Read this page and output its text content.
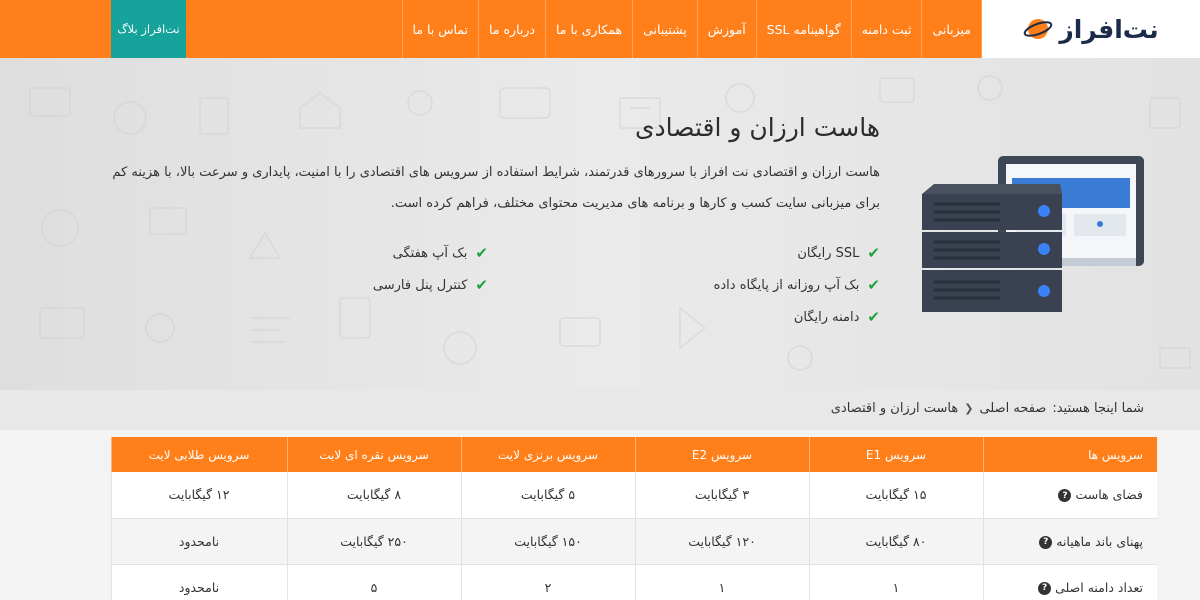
نت‌افراز
میزبانی
ثبت دامنه
گواهینامه SSL
آموزش
پشتیبانی
همکاری با ما
درباره ما
تماس با ما
نت‌افراز بلاگ
هاست ارزان و اقتصادی

هاست ارزان و اقتصادی نت افراز با سرورهای قدرتمند، شرایط استفاده از سرویس های اقتصادی را با امنیت، پایداری و سرعت بالا، با هزینه کم برای میزبانی سایت کسب و کارها و برنامه های مدیریت محتوای مختلف، فراهم کرده است.

✔
SSL رایگان
✔
بک آپ روزانه از پایگاه داده
✔
دامنه رایگان
✔
بک آپ هفتگی
✔
کنترل پنل فارسی
شما اینجا هستید:
صفحه اصلی
❮
هاست ارزان و اقتصادی
سرویس ها	سرویس E1	سرویس E2	سرویس برنزی لایت	سرویس نقره ای لایت	سرویس طلایی لایت
فضای هاست ?	۱۵ گیگابایت	۳ گیگابایت	۵ گیگابایت	۸ گیگابایت	۱۲ گیگابایت
پهنای باند ماهیانه ?	۸۰ گیگابایت	۱۲۰ گیگابایت	۱۵۰ گیگابایت	۲۵۰ گیگابایت	نامحدود
تعداد دامنه اصلی ?	۱	۱	۲	۵	نامحدود
